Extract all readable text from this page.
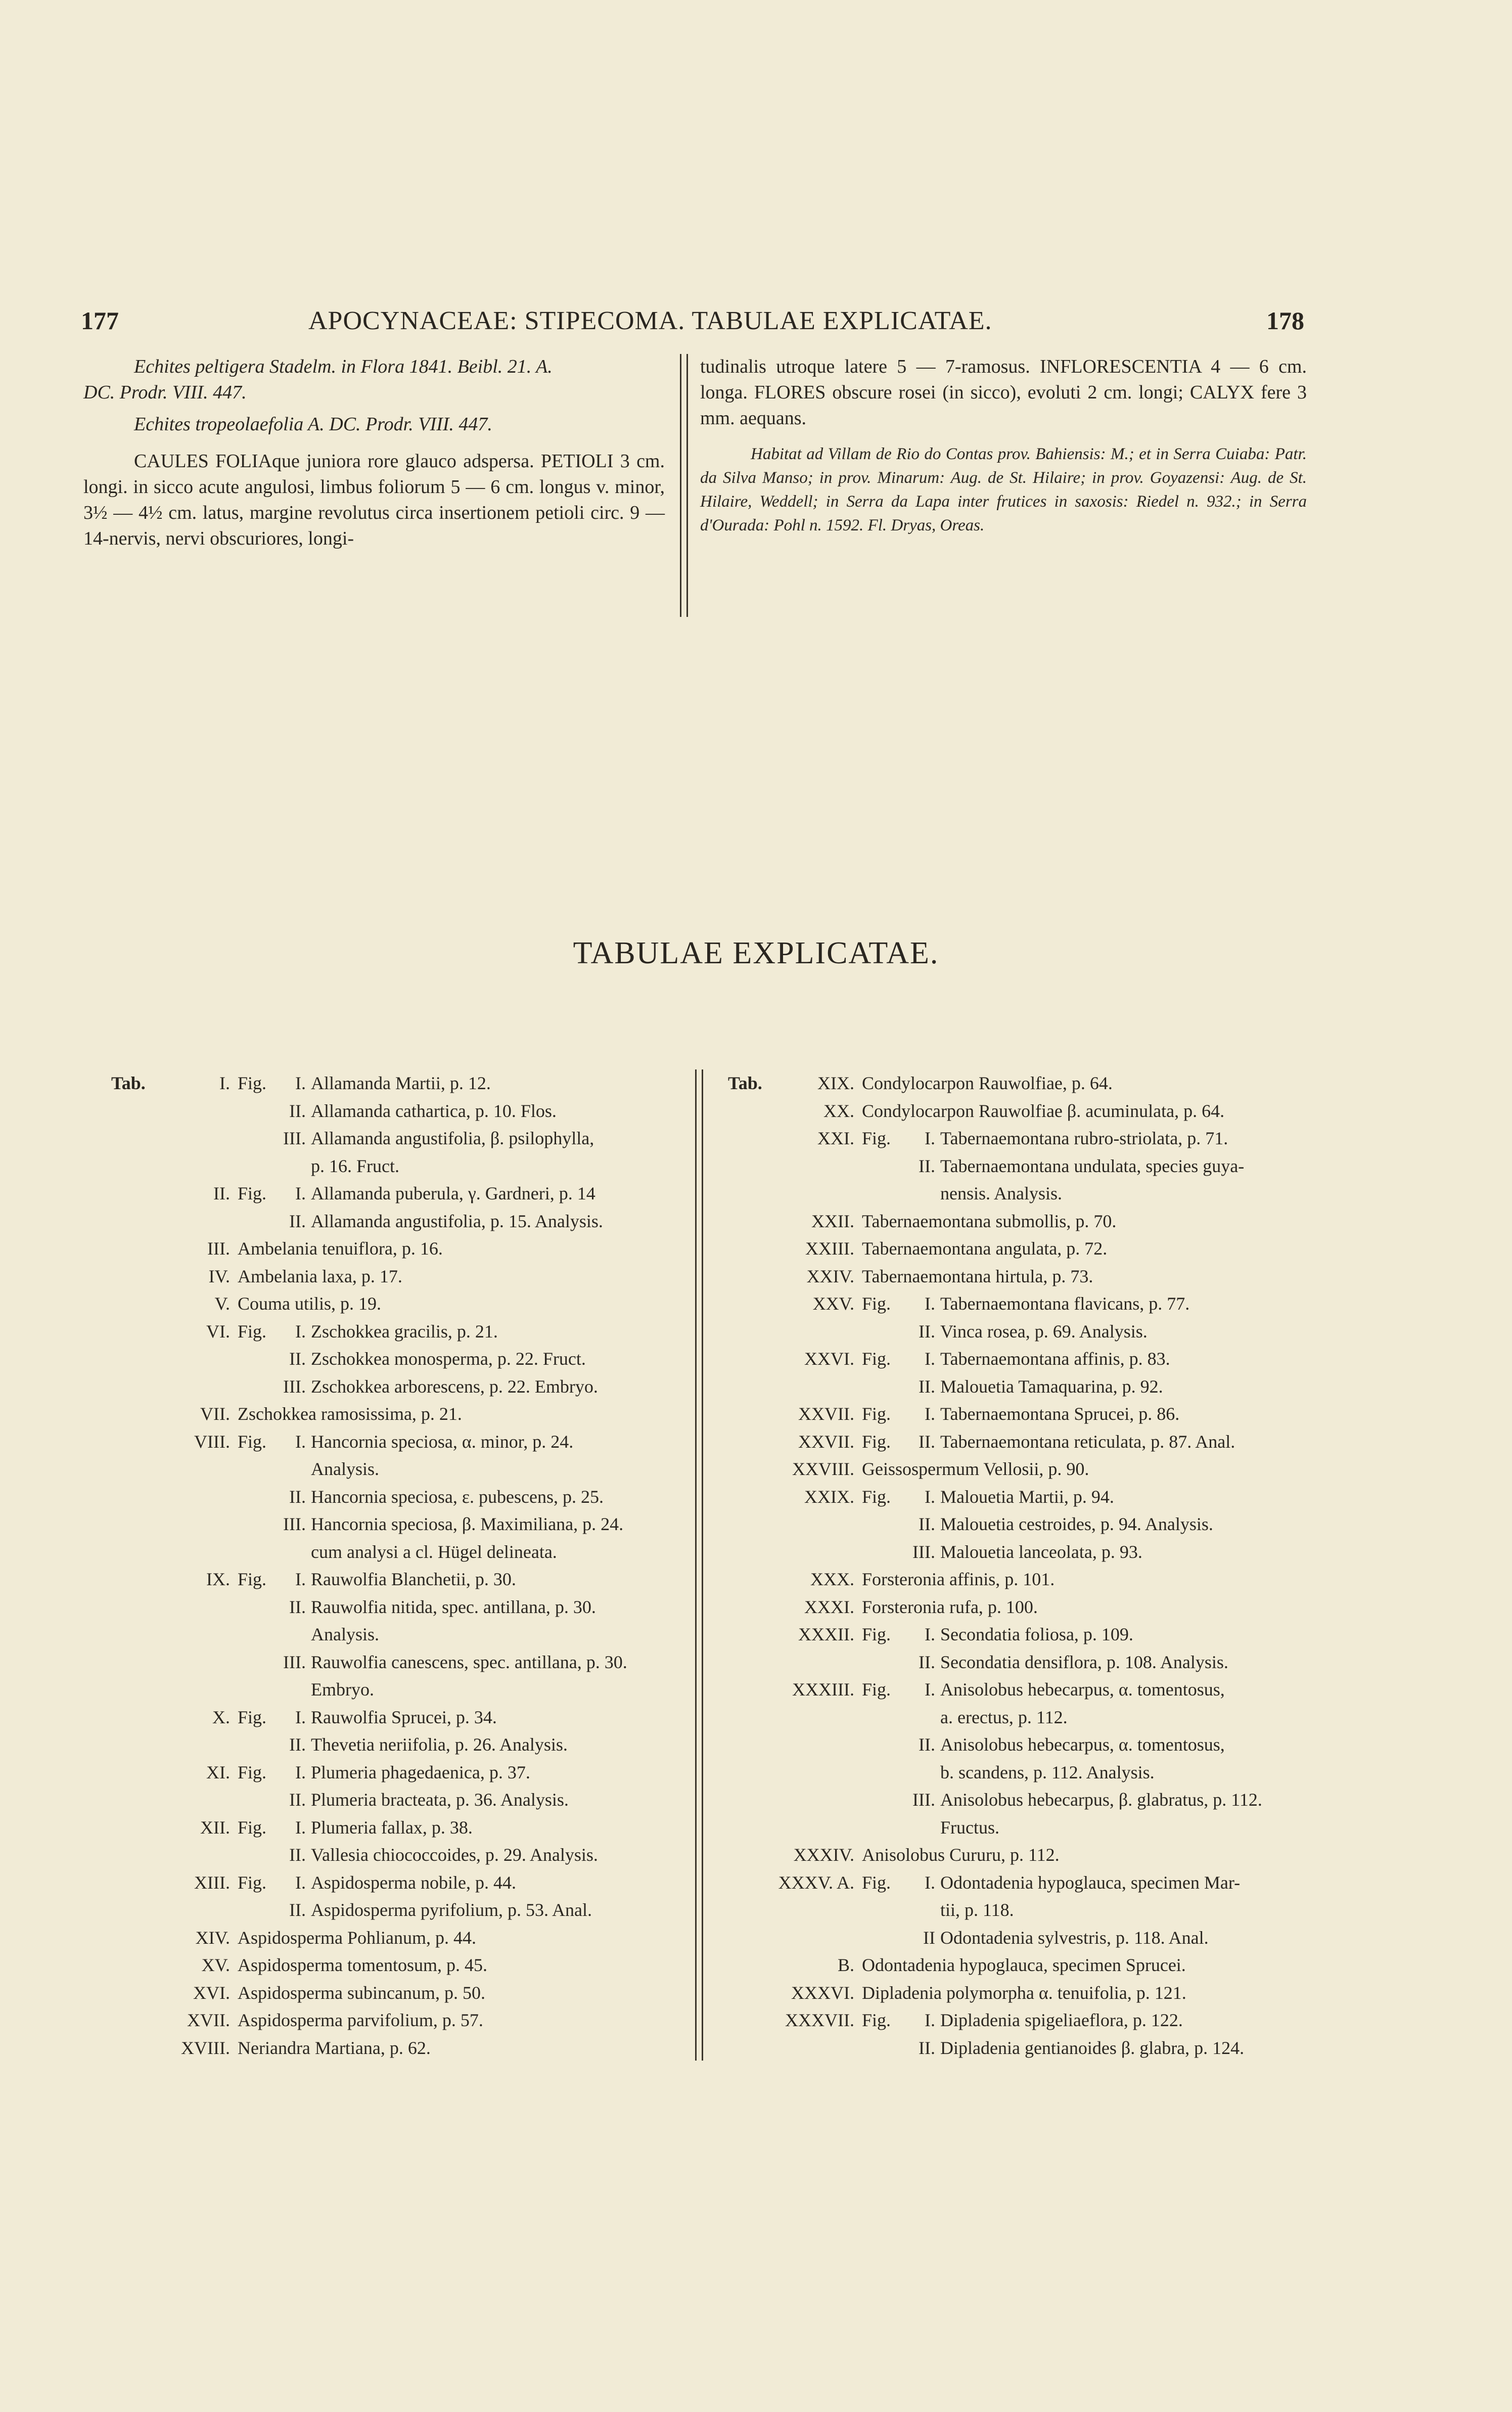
177	APOCYNACEAE: STIPECOMA. TABULAE EXPLICATAE.	178

Echites peltigera Stadelm. in Flora 1841. Beibl. 21. A.

DC. Prodr. VIII. 447.

Echites tropeolaefolia A. DC. Prodr. VIII. 447.

CAULES FOLIAque juniora rore glauco adspersa. PETIOLI 3 cm. longi. in sicco acute angulosi, limbus foliorum 5 — 6 cm. longus v. minor, 3½ — 4½ cm. latus, margine revolutus circa insertionem petioli circ. 9 — 14-nervis, nervi obscuriores, longi-

tudinalis utroque latere 5 — 7-ramosus. INFLORESCENTIA 4 — 6 cm. longa. FLORES obscure rosei (in sicco), evoluti 2 cm. longi; CALYX fere 3 mm. aequans.

Habitat ad Villam de Rio do Contas prov. Bahiensis: M.; et in Serra Cuiaba: Patr. da Silva Manso; in prov. Minarum: Aug. de St. Hilaire; in prov. Goyazensi: Aug. de St. Hilaire, Weddell; in Serra da Lapa inter frutices in saxosis: Riedel n. 932.; in Serra d'Ourada: Pohl n. 1592. Fl. Dryas, Oreas.

TABULAE EXPLICATAE.
Tab.	I. Fig. I. Allamanda Martii, p. 12.
II. Allamanda cathartica, p. 10. Flos.
III. Allamanda angustifolia, β. psilophylla,
p. 16. Fruct.
II. Fig. I. Allamanda puberula, γ. Gardneri, p. 14
II. Allamanda angustifolia, p. 15. Analysis.
III. Ambelania tenuiflora, p. 16.
IV. Ambelania laxa, p. 17.
V. Couma utilis, p. 19.
VI. Fig. I. Zschokkea gracilis, p. 21.
II. Zschokkea monosperma, p. 22. Fruct.
III. Zschokkea arborescens, p. 22. Embryo.
VII. Zschokkea ramosissima, p. 21.
VIII. Fig. I. Hancornia speciosa, α. minor, p. 24.
Analysis.
II. Hancornia speciosa, ε. pubescens, p. 25.
III. Hancornia speciosa, β. Maximiliana, p. 24.
cum analysi a cl. Hügel delineata.
IX. Fig. I. Rauwolfia Blanchetii, p. 30.
II. Rauwolfia nitida, spec. antillana, p. 30.
Analysis.
III. Rauwolfia canescens, spec. antillana, p. 30.
Embryo.
X. Fig. I. Rauwolfia Sprucei, p. 34.
II. Thevetia neriifolia, p. 26. Analysis.
XI. Fig. I. Plumeria phagedaenica, p. 37.
II. Plumeria bracteata, p. 36. Analysis.
XII. Fig. I. Plumeria fallax, p. 38.
II. Vallesia chiococcoides, p. 29. Analysis.
XIII. Fig. I. Aspidosperma nobile, p. 44.
II. Aspidosperma pyrifolium, p. 53. Anal.
XIV. Aspidosperma Pohlianum, p. 44.
XV. Aspidosperma tomentosum, p. 45.
XVI. Aspidosperma subincanum, p. 50.
XVII. Aspidosperma parvifolium, p. 57.
XVIII. Neriandra Martiana, p. 62.
Tab.	XIX. Condylocarpon Rauwolfiae, p. 64.
XX. Condylocarpon Rauwolfiae β. acuminulata, p. 64.
XXI. Fig. I. Tabernaemontana rubro-striolata, p. 71.
II. Tabernaemontana undulata, species guya-
nensis. Analysis.
XXII. Tabernaemontana submollis, p. 70.
XXIII. Tabernaemontana angulata, p. 72.
XXIV. Tabernaemontana hirtula, p. 73.
XXV. Fig. I. Tabernaemontana flavicans, p. 77.
II. Vinca rosea, p. 69. Analysis.
XXVI. Fig. I. Tabernaemontana affinis, p. 83.
II. Malouetia Tamaquarina, p. 92.
XXVII. Fig. I. Tabernaemontana Sprucei, p. 86.
XXVII. Fig. II. Tabernaemontana reticulata, p. 87. Anal.
XXVIII. Geissospermum Vellosii, p. 90.
XXIX. Fig. I. Malouetia Martii, p. 94.
II. Malouetia cestroides, p. 94. Analysis.
III. Malouetia lanceolata, p. 93.
XXX. Forsteronia affinis, p. 101.
XXXI. Forsteronia rufa, p. 100.
XXXII. Fig. I. Secondatia foliosa, p. 109.
II. Secondatia densiflora, p. 108. Analysis.
XXXIII. Fig. I. Anisolobus hebecarpus, α. tomentosus,
a. erectus, p. 112.
II. Anisolobus hebecarpus, α. tomentosus,
b. scandens, p. 112. Analysis.
III. Anisolobus hebecarpus, β. glabratus, p. 112.
Fructus.
XXXIV. Anisolobus Cururu, p. 112.
XXXV. A. Fig. I. Odontadenia hypoglauca, specimen Mar-
tii, p. 118.
II Odontadenia sylvestris, p. 118. Anal.
B. Odontadenia hypoglauca, specimen Sprucei.
XXXVI. Dipladenia polymorpha α. tenuifolia, p. 121.
XXXVII. Fig. I. Dipladenia spigeliaeflora, p. 122.
II. Dipladenia gentianoides β. glabra, p. 124.
